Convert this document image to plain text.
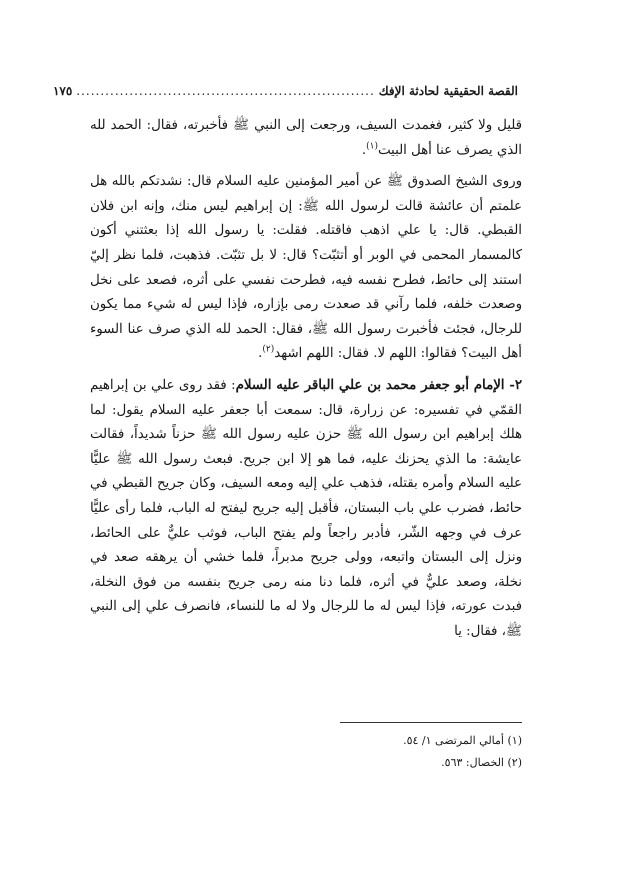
القصة الحقيقية لحادثة الإفك
..............................................................
١٧٥

قليل ولا كثير، فغمدت السيف، ورجعت إلى النبي ﷺ فأخبرته، فقال: الحمد لله الذي يصرف عنا أهل البيت$^{(١)}$.

وروى الشيخ الصدوق ﷺ عن أمير المؤمنين عليه السلام قال: نشدتكم بالله هل علمتم أن عائشة قالت لرسول الله ﷺ: إن إبراهيم ليس منك، وإنه ابن فلان القبطي. قال: يا علي اذهب فاقتله. فقلت: يا رسول الله إذا بعثتني أكون كالمسمار المحمى في الوبر أو أتثبّت؟ قال: لا بل تثبّت. فذهبت، فلما نظر إليّ استند إلى حائط، فطرح نفسه فيه، فطرحت نفسي على أثره، فصعد على نخل وصعدت خلفه، فلما رآني قد صعدت رمى بإزاره، فإذا ليس له شيء مما يكون للرجال، فجئت فأخبرت رسول الله ﷺ، فقال: الحمد لله الذي صرف عنا السوء أهل البيت؟ فقالوا: اللهم لا. فقال: اللهم اشهد$^{(٢)}$.

٢- الإمام أبو جعفر محمد بن علي الباقر عليه السلام: فقد روى علي بن إبراهيم القمّي في تفسيره: عن زرارة، قال: سمعت أبا جعفر عليه السلام يقول: لما هلك إبراهيم ابن رسول الله ﷺ حزن عليه رسول الله ﷺ حزناً شديداً، فقالت عايشة: ما الذي يحزنك عليه، فما هو إلا ابن جريح. فبعث رسول الله ﷺ عليًّا عليه السلام وأمره بقتله، فذهب علي إليه ومعه السيف، وكان جريح القبطي في حائط، فضرب علي باب البستان، فأقبل إليه جريح ليفتح له الباب، فلما رأى عليًّا عرف في وجهه الشّر، فأدبر راجعاً ولم يفتح الباب، فوثب عليٌّ على الحائط، ونزل إلى البستان واتبعه، وولى جريح مدبراً، فلما خشي أن يرهقه صعد في نخلة، وصعد عليٌّ في أثره، فلما دنا منه رمى جريح بنفسه من فوق النخلة، فبدت عورته، فإذا ليس له ما للرجال ولا له ما للنساء، فانصرف علي إلى النبي ﷺ، فقال: يا

(١) أمالي المرتضى ١/ ٥٤.
(٢) الخصال: ٥٦٣.
